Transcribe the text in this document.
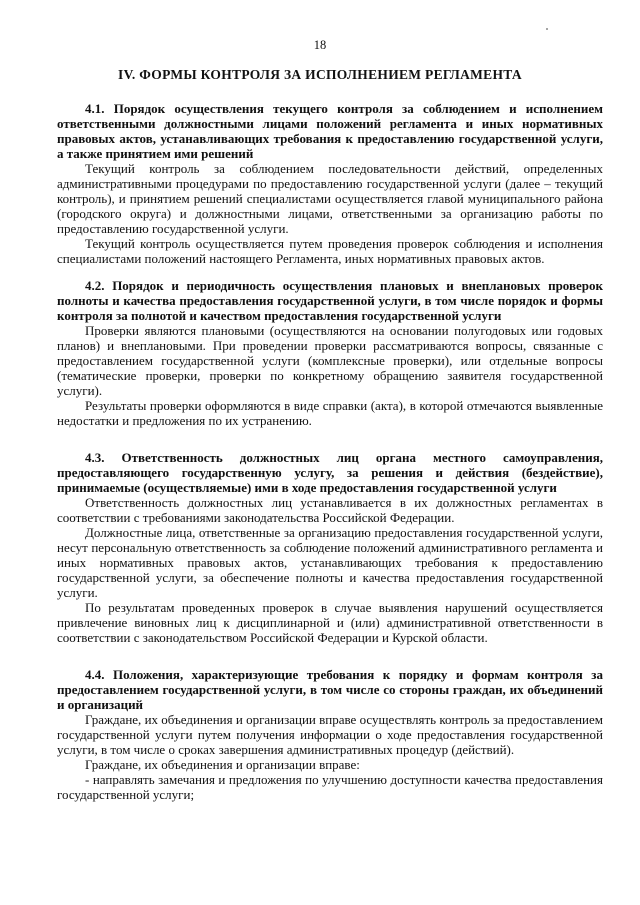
18
IV. ФОРМЫ КОНТРОЛЯ ЗА ИСПОЛНЕНИЕМ РЕГЛАМЕНТА

4.1. Порядок осуществления текущего контроля за соблюдением и исполнением ответственными должностными лицами положений регламента и иных нормативных правовых актов, устанавливающих требования к предоставлению государственной услуги, а также принятием ими решений

Текущий контроль за соблюдением последовательности действий, определенных административными процедурами по предоставлению государственной услуги (далее – текущий контроль), и принятием решений специалистами осуществляется главой муниципального района (городского округа) и должностными лицами, ответственными за организацию работы по предоставлению государственной услуги.

Текущий контроль осуществляется путем проведения проверок соблюдения и исполнения специалистами положений настоящего Регламента, иных нормативных правовых актов.

4.2. Порядок и периодичность осуществления плановых и внеплановых проверок полноты и качества предоставления государственной услуги, в том числе порядок и формы контроля за полнотой и качеством предоставления государственной услуги

Проверки являются плановыми (осуществляются на основании полугодовых или годовых планов) и внеплановыми. При проведении проверки рассматриваются вопросы, связанные с предоставлением государственной услуги (комплексные проверки), или отдельные вопросы (тематические проверки, проверки по конкретному обращению заявителя государственной услуги).

Результаты проверки оформляются в виде справки (акта), в которой отмечаются выявленные недостатки и предложения по их устранению.

4.3. Ответственность должностных лиц органа местного самоуправления, предоставляющего государственную услугу, за решения и действия (бездействие), принимаемые (осуществляемые) ими в ходе предоставления государственной услуги

Ответственность должностных лиц устанавливается в их должностных регламентах в соответствии с требованиями законодательства Российской Федерации.

Должностные лица, ответственные за организацию предоставления государственной услуги, несут персональную ответственность за соблюдение положений административного регламента и иных нормативных правовых актов, устанавливающих требования к предоставлению государственной услуги, за обеспечение полноты и качества предоставления государственной услуги.

По результатам проведенных проверок в случае выявления нарушений осуществляется привлечение виновных лиц к дисциплинарной и (или) административной ответственности в соответствии с законодательством Российской Федерации и Курской области.

4.4. Положения, характеризующие требования к порядку и формам контроля за предоставлением государственной услуги, в том числе со стороны граждан, их объединений и организаций

Граждане, их объединения и организации вправе осуществлять контроль за предоставлением государственной услуги путем получения информации о ходе предоставления государственной услуги, в том числе о сроках завершения административных процедур (действий).

Граждане, их объединения и организации вправе:

- направлять замечания и предложения по улучшению доступности качества предоставления государственной услуги;
